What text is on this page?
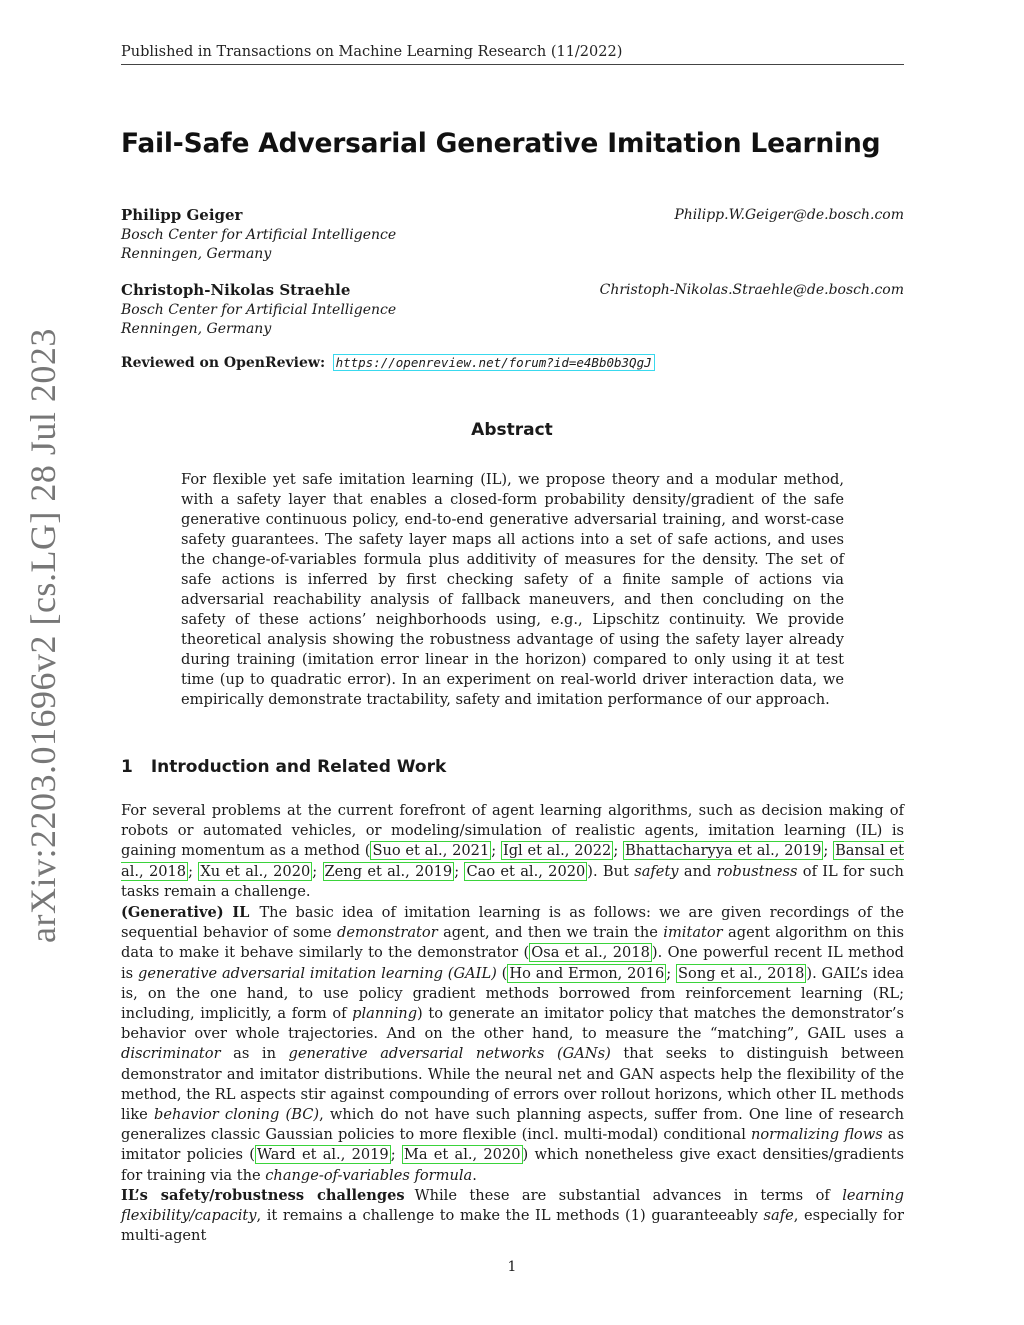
Published in Transactions on Machine Learning Research (11/2022)
arXiv:2203.01696v2 [cs.LG] 28 Jul 2023
Fail-Safe Adversarial Generative Imitation Learning
Philipp Geiger
Bosch Center for Artificial Intelligence
Renningen, Germany
Philipp.W.Geiger@de.bosch.com
Christoph-Nikolas Straehle
Bosch Center for Artificial Intelligence
Renningen, Germany
Christoph-Nikolas.Straehle@de.bosch.com
Reviewed on OpenReview: https://openreview.net/forum?id=e4Bb0b3QgJ
Abstract

For flexible yet safe imitation learning (IL), we propose theory and a modular method, with a safety layer that enables a closed-form probability density/gradient of the safe generative continuous policy, end-to-end generative adversarial training, and worst-case safety guarantees. The safety layer maps all actions into a set of safe actions, and uses the change-of-variables formula plus additivity of measures for the density. The set of safe actions is inferred by first checking safety of a finite sample of actions via adversarial reachability analysis of fallback maneuvers, and then concluding on the safety of these actions’ neighborhoods using, e.g., Lipschitz continuity. We provide theoretical analysis showing the robustness advantage of using the safety layer already during training (imitation error linear in the horizon) compared to only using it at test time (up to quadratic error). In an experiment on real-world driver interaction data, we empirically demonstrate tractability, safety and imitation performance of our approach.

1 Introduction and Related Work

For several problems at the current forefront of agent learning algorithms, such as decision making of robots or automated vehicles, or modeling/simulation of realistic agents, imitation learning (IL) is gaining momentum as a method ( Suo et al., 2021 ; Igl et al., 2022 ; Bhattacharyya et al., 2019 ; Bansal et al., 2018 ; Xu et al., 2020 ; Zeng et al., 2019 ; Cao et al., 2020 ). But safety and robustness of IL for such tasks remain a challenge.

(Generative) IL The basic idea of imitation learning is as follows: we are given recordings of the sequential behavior of some demonstrator agent, and then we train the imitator agent algorithm on this data to make it behave similarly to the demonstrator ( Osa et al., 2018 ). One powerful recent IL method is generative adversarial imitation learning (GAIL) ( Ho and Ermon, 2016 ; Song et al., 2018 ). GAIL’s idea is, on the one hand, to use policy gradient methods borrowed from reinforcement learning (RL; including, implicitly, a form of planning) to generate an imitator policy that matches the demonstrator’s behavior over whole trajectories. And on the other hand, to measure the “matching”, GAIL uses a discriminator as in generative adversarial networks (GANs) that seeks to distinguish between demonstrator and imitator distributions. While the neural net and GAN aspects help the flexibility of the method, the RL aspects stir against compounding of errors over rollout horizons, which other IL methods like behavior cloning (BC), which do not have such planning aspects, suffer from. One line of research generalizes classic Gaussian policies to more flexible (incl. multi-modal) conditional normalizing flows as imitator policies ( Ward et al., 2019 ; Ma et al., 2020 ) which nonetheless give exact densities/gradients for training via the change-of-variables formula.

IL’s safety/robustness challenges While these are substantial advances in terms of learning flexibility/capacity, it remains a challenge to make the IL methods (1) guaranteeably safe, especially for multi-agent

1
